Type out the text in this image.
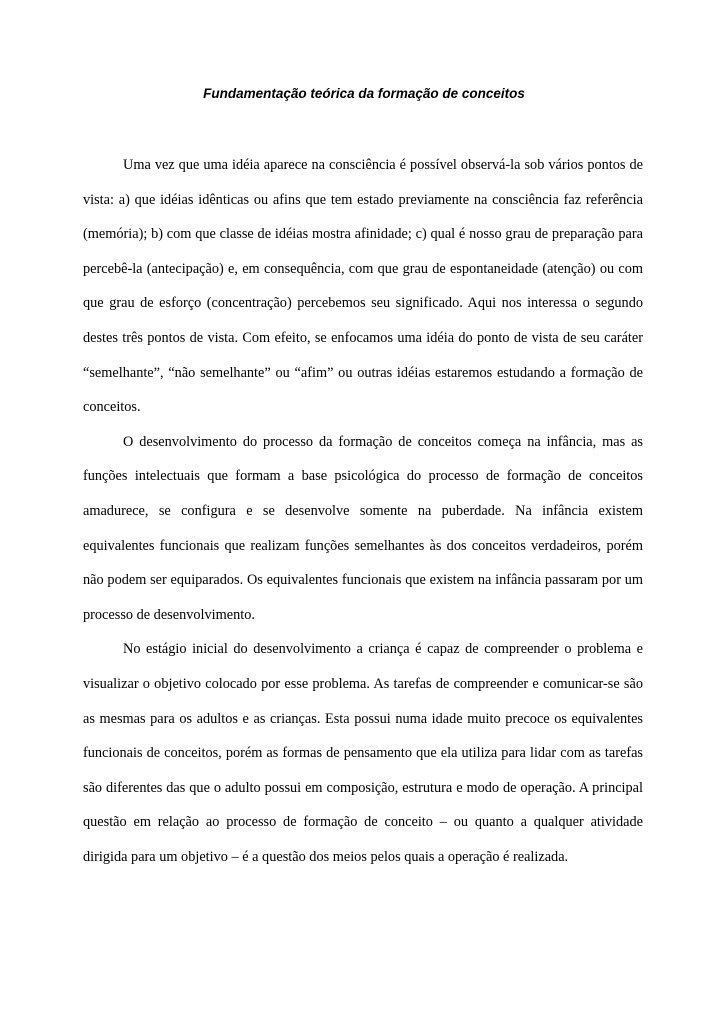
Fundamentação teórica da formação de conceitos

Uma vez que uma idéia aparece na consciência é possível observá-la sob vários pontos de vista: a) que idéias idênticas ou afins que tem estado previamente na consciência faz referência (memória); b) com que classe de idéias mostra afinidade; c) qual é nosso grau de preparação para percebê-la (antecipação) e, em consequência, com que grau de espontaneidade (atenção) ou com que grau de esforço (concentração) percebemos seu significado. Aqui nos interessa o segundo destes três pontos de vista. Com efeito, se enfocamos uma idéia do ponto de vista de seu caráter “semelhante”, “não semelhante” ou “afim” ou outras idéias estaremos estudando a formação de conceitos.

O desenvolvimento do processo da formação de conceitos começa na infância, mas as funções intelectuais que formam a base psicológica do processo de formação de conceitos amadurece, se configura e se desenvolve somente na puberdade. Na infância existem equivalentes funcionais que realizam funções semelhantes às dos conceitos verdadeiros, porém não podem ser equiparados. Os equivalentes funcionais que existem na infância passaram por um processo de desenvolvimento.

No estágio inicial do desenvolvimento a criança é capaz de compreender o problema e visualizar o objetivo colocado por esse problema. As tarefas de compreender e comunicar-se são as mesmas para os adultos e as crianças. Esta possui numa idade muito precoce os equivalentes funcionais de conceitos, porém as formas de pensamento que ela utiliza para lidar com as tarefas são diferentes das que o adulto possui em composição, estrutura e modo de operação. A principal questão em relação ao processo de formação de conceito – ou quanto a qualquer atividade dirigida para um objetivo – é a questão dos meios pelos quais a operação é realizada.
